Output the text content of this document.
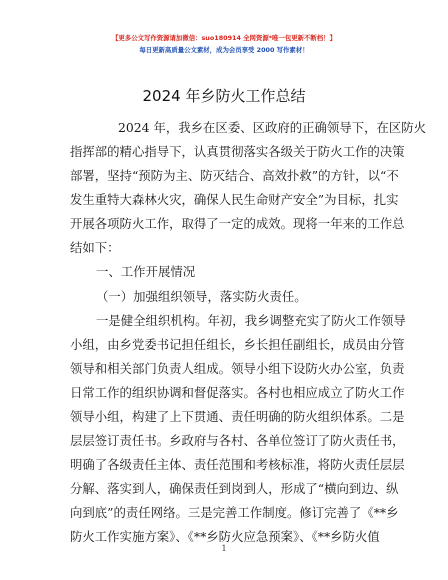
【更多公文写作资源请加微信：suo180914 全网资源*唯一包更新不断档！】
每日更新高质量公文素材，成为会员享受 2000 写作素材！
2024 年乡防火工作总结
2024 年，我乡在区委、区政府的正确领导下，在区防火
指挥部的精心指导下，认真贯彻落实各级关于防火工作的决策
部署，坚持“预防为主、防灭结合、高效扑救”的方针，以“不
发生重特大森林火灾，确保人民生命财产安全”为目标，扎实
开展各项防火工作，取得了一定的成效。现将一年来的工作总
结如下：
一、工作开展情况
（一）加强组织领导，落实防火责任。
一是健全组织机构。年初，我乡调整充实了防火工作领导
小组，由乡党委书记担任组长，乡长担任副组长，成员由分管
领导和相关部门负责人组成。领导小组下设防火办公室，负责
日常工作的组织协调和督促落实。各村也相应成立了防火工作
领导小组，构建了上下贯通、责任明确的防火组织体系。二是
层层签订责任书。乡政府与各村、各单位签订了防火责任书，
明确了各级责任主体、责任范围和考核标准，将防火责任层层
分解、落实到人，确保责任到岗到人，形成了“横向到边、纵
向到底”的责任网络。三是完善工作制度。修订完善了《**乡
防火工作实施方案》、《**乡防火应急预案》、《**乡防火值
1
